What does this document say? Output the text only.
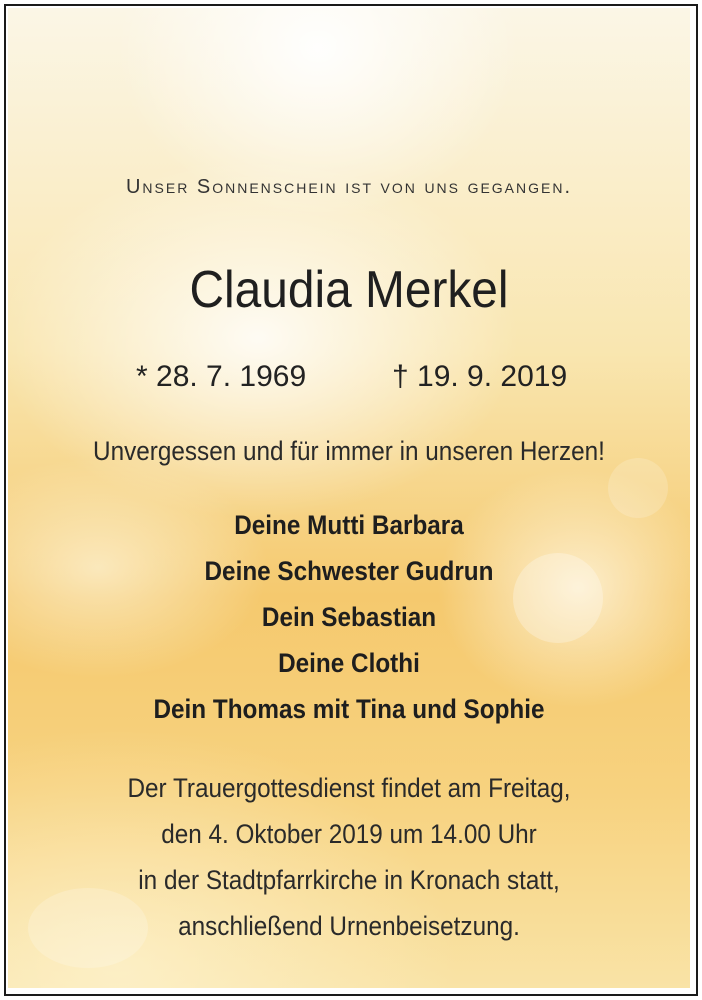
Unser Sonnenschein ist von uns gegangen.
Claudia Merkel
* 28. 7. 1969	† 19. 9. 2019
Unvergessen und für immer in unseren Herzen!
Deine Mutti Barbara
Deine Schwester Gudrun
Dein Sebastian
Deine Clothi
Dein Thomas mit Tina und Sophie
Der Trauergottesdienst findet am Freitag,
den 4. Oktober 2019 um 14.00 Uhr
in der Stadtpfarrkirche in Kronach statt,
anschließend Urnenbeisetzung.
